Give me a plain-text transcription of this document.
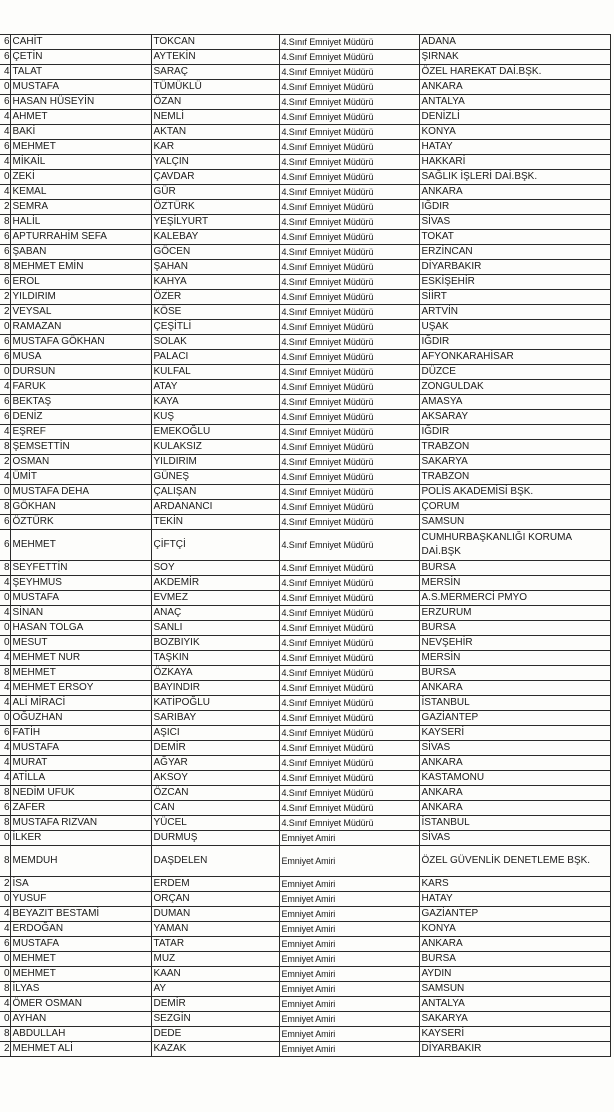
6	CAHİT	TOKCAN	4.Sınıf Emniyet Müdürü	ADANA
6	ÇETİN	AYTEKİN	4.Sınıf Emniyet Müdürü	ŞIRNAK
4	TALAT	SARAÇ	4.Sınıf Emniyet Müdürü	ÖZEL HAREKAT DAİ.BŞK.
0	MUSTAFA	TÜMÜKLÜ	4.Sınıf Emniyet Müdürü	ANKARA
6	HASAN HÜSEYİN	ÖZAN	4.Sınıf Emniyet Müdürü	ANTALYA
4	AHMET	NEMLİ	4.Sınıf Emniyet Müdürü	DENİZLİ
4	BAKİ	AKTAN	4.Sınıf Emniyet Müdürü	KONYA
6	MEHMET	KAR	4.Sınıf Emniyet Müdürü	HATAY
4	MİKAİL	YALÇIN	4.Sınıf Emniyet Müdürü	HAKKARİ
0	ZEKİ	ÇAVDAR	4.Sınıf Emniyet Müdürü	SAĞLIK İŞLERİ DAİ.BŞK.
4	KEMAL	GÜR	4.Sınıf Emniyet Müdürü	ANKARA
2	SEMRA	ÖZTÜRK	4.Sınıf Emniyet Müdürü	IĞDIR
8	HALİL	YEŞİLYURT	4.Sınıf Emniyet Müdürü	SİVAS
6	APTURRAHİM SEFA	KALEBAY	4.Sınıf Emniyet Müdürü	TOKAT
6	ŞABAN	GÖCEN	4.Sınıf Emniyet Müdürü	ERZİNCAN
8	MEHMET EMİN	ŞAHAN	4.Sınıf Emniyet Müdürü	DİYARBAKIR
6	EROL	KAHYA	4.Sınıf Emniyet Müdürü	ESKİŞEHİR
2	YILDIRIM	ÖZER	4.Sınıf Emniyet Müdürü	SİİRT
2	VEYSAL	KÖSE	4.Sınıf Emniyet Müdürü	ARTVİN
0	RAMAZAN	ÇEŞİTLİ	4.Sınıf Emniyet Müdürü	UŞAK
6	MUSTAFA GÖKHAN	SOLAK	4.Sınıf Emniyet Müdürü	IĞDIR
6	MUSA	PALACI	4.Sınıf Emniyet Müdürü	AFYONKARAHİSAR
0	DURSUN	KULFAL	4.Sınıf Emniyet Müdürü	DÜZCE
4	FARUK	ATAY	4.Sınıf Emniyet Müdürü	ZONGULDAK
6	BEKTAŞ	KAYA	4.Sınıf Emniyet Müdürü	AMASYA
6	DENİZ	KUŞ	4.Sınıf Emniyet Müdürü	AKSARAY
4	EŞREF	EMEKOĞLU	4.Sınıf Emniyet Müdürü	IĞDIR
8	ŞEMSETTİN	KULAKSIZ	4.Sınıf Emniyet Müdürü	TRABZON
2	OSMAN	YILDIRIM	4.Sınıf Emniyet Müdürü	SAKARYA
4	ÜMİT	GÜNEŞ	4.Sınıf Emniyet Müdürü	TRABZON
0	MUSTAFA DEHA	ÇALIŞAN	4.Sınıf Emniyet Müdürü	POLİS AKADEMİSİ BŞK.
8	GÖKHAN	ARDANANCI	4.Sınıf Emniyet Müdürü	ÇORUM
6	ÖZTÜRK	TEKİN	4.Sınıf Emniyet Müdürü	SAMSUN
6	MEHMET	ÇİFTÇİ	4.Sınıf Emniyet Müdürü	CUMHURBAŞKANLIĞI KORUMA DAİ.BŞK
8	SEYFETTİN	SOY	4.Sınıf Emniyet Müdürü	BURSA
4	ŞEYHMUS	AKDEMİR	4.Sınıf Emniyet Müdürü	MERSİN
0	MUSTAFA	EVMEZ	4.Sınıf Emniyet Müdürü	A.S.MERMERCİ PMYO
4	SİNAN	ANAÇ	4.Sınıf Emniyet Müdürü	ERZURUM
0	HASAN TOLGA	SANLI	4.Sınıf Emniyet Müdürü	BURSA
0	MESUT	BOZBIYIK	4.Sınıf Emniyet Müdürü	NEVŞEHİR
4	MEHMET NUR	TAŞKIN	4.Sınıf Emniyet Müdürü	MERSİN
8	MEHMET	ÖZKAYA	4.Sınıf Emniyet Müdürü	BURSA
4	MEHMET ERSOY	BAYINDIR	4.Sınıf Emniyet Müdürü	ANKARA
4	ALİ MİRACİ	KATİPOĞLU	4.Sınıf Emniyet Müdürü	İSTANBUL
0	OĞUZHAN	SARIBAY	4.Sınıf Emniyet Müdürü	GAZİANTEP
6	FATİH	AŞICI	4.Sınıf Emniyet Müdürü	KAYSERİ
4	MUSTAFA	DEMİR	4.Sınıf Emniyet Müdürü	SİVAS
4	MURAT	AĞYAR	4.Sınıf Emniyet Müdürü	ANKARA
4	ATİLLA	AKSOY	4.Sınıf Emniyet Müdürü	KASTAMONU
8	NEDİM UFUK	ÖZCAN	4.Sınıf Emniyet Müdürü	ANKARA
6	ZAFER	CAN	4.Sınıf Emniyet Müdürü	ANKARA
8	MUSTAFA RIZVAN	YÜCEL	4.Sınıf Emniyet Müdürü	İSTANBUL
0	İLKER	DURMUŞ	Emniyet Amiri	SİVAS
8	MEMDUH	DAŞDELEN	Emniyet Amiri	ÖZEL GÜVENLİK DENETLEME BŞK.
2	İSA	ERDEM	Emniyet Amiri	KARS
0	YUSUF	ORÇAN	Emniyet Amiri	HATAY
4	BEYAZIT BESTAMİ	DUMAN	Emniyet Amiri	GAZİANTEP
4	ERDOĞAN	YAMAN	Emniyet Amiri	KONYA
6	MUSTAFA	TATAR	Emniyet Amiri	ANKARA
0	MEHMET	MUZ	Emniyet Amiri	BURSA
0	MEHMET	KAAN	Emniyet Amiri	AYDIN
8	İLYAS	AY	Emniyet Amiri	SAMSUN
4	ÖMER OSMAN	DEMİR	Emniyet Amiri	ANTALYA
0	AYHAN	SEZGİN	Emniyet Amiri	SAKARYA
8	ABDULLAH	DEDE	Emniyet Amiri	KAYSERİ
2	MEHMET ALİ	KAZAK	Emniyet Amiri	DİYARBAKIR
